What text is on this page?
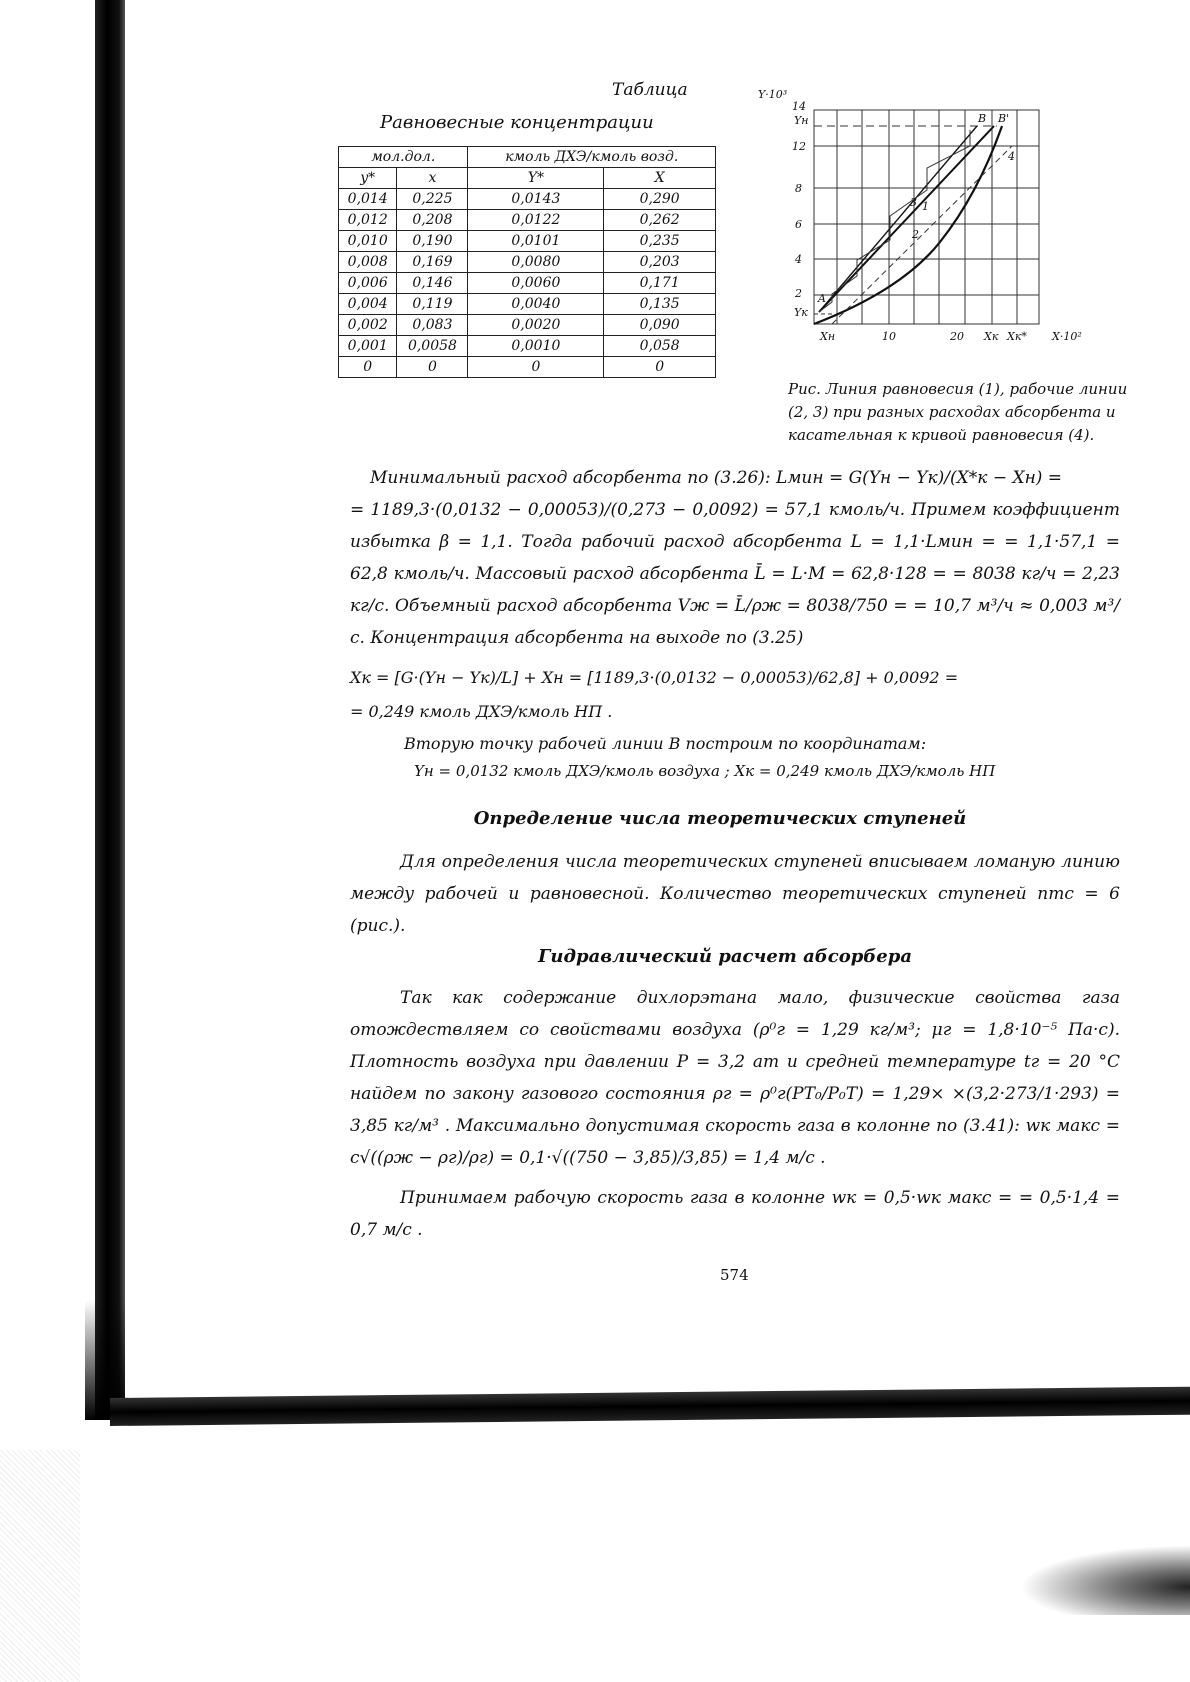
Таблица
Равновесные концентрации
мол.дол.		кмоль ДХЭ/кмоль возд.	
y*	x	Y*	X
0,014	0,225	0,0143	0,290
0,012	0,208	0,0122	0,262
0,010	0,190	0,0101	0,235
0,008	0,169	0,0080	0,203
0,006	0,146	0,0060	0,171
0,004	0,119	0,0040	0,135
0,002	0,083	0,0020	0,090
0,001	0,0058	0,0010	0,058
0	0	0	0
Y·10³
14
Yн
12
8
6
4
2
Yк
Xн	10	20 Xк Xк* X·10²
A
B B'
1
2
3
4
Рис. Линия равновесия (1), рабочие линии (2, 3) при разных расходах абсорбента и касательная к кривой равновесия (4).
Минимальный расход абсорбента по (3.26): Lмин = G(Yн − Yк)/(X*к − Xн) =
= 1189,3·(0,0132 − 0,00053)/(0,273 − 0,0092) = 57,1 кмоль/ч. Примем коэффициент избытка β = 1,1. Тогда рабочий расход абсорбента L = 1,1·Lмин = = 1,1·57,1 = 62,8 кмоль/ч. Массовый расход абсорбента L̄ = L·M = 62,8·128 = = 8038 кг/ч = 2,23 кг/с. Объемный расход абсорбента Vж = L̄/ρж = 8038/750 = = 10,7 м³/ч ≈ 0,003 м³/с. Концентрация абсорбента на выходе по (3.25)
Xк = [G·(Yн − Yк)/L] + Xн = [1189,3·(0,0132 − 0,00053)/62,8] + 0,0092 =
= 0,249 кмоль ДХЭ/кмоль НП .
Вторую точку рабочей линии B построим по координатам:
Yн = 0,0132 кмоль ДХЭ/кмоль воздуха ; Xк = 0,249 кмоль ДХЭ/кмоль НП
Определение числа теоретических ступеней
Для определения числа теоретических ступеней вписываем ломаную линию между рабочей и равновесной. Количество теоретических ступеней nтс = 6 (рис.).
Гидравлический расчет абсорбера
Так как содержание дихлорэтана мало, физические свойства газа отождествляем со свойствами воздуха (ρ⁰г = 1,29 кг/м³; μг = 1,8·10⁻⁵ Па·с). Плотность воздуха при давлении P = 3,2 ат и средней температуре tг = 20 °C найдем по закону газового состояния ρг = ρ⁰г(PT₀/P₀T) = 1,29× ×(3,2·273/1·293) = 3,85 кг/м³ . Максимально допустимая скорость газа в колонне по (3.41): wк макс = c√((ρж − ρг)/ρг) = 0,1·√((750 − 3,85)/3,85) = 1,4 м/с .
Принимаем рабочую скорость газа в колонне wк = 0,5·wк макс = = 0,5·1,4 = 0,7 м/с .
574
